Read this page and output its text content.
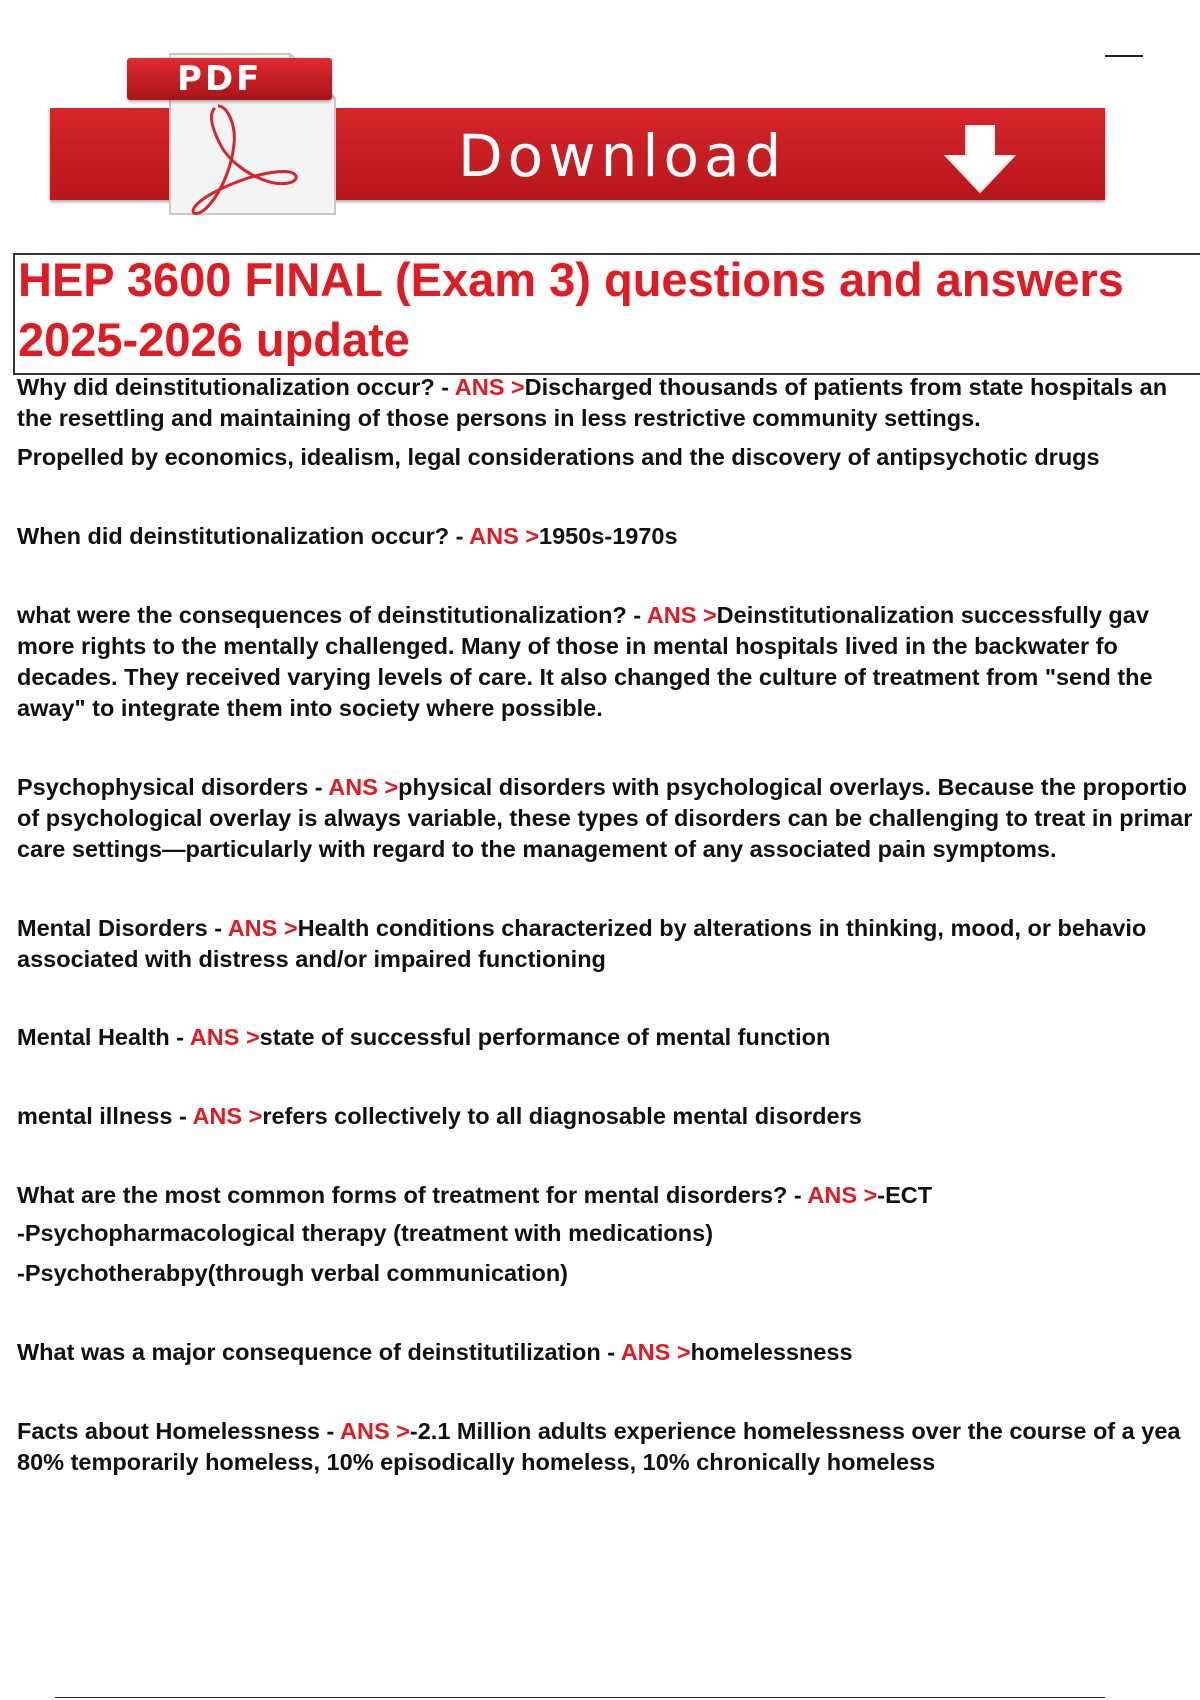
Download
PDF
HEP 3600 FINAL (Exam 3) questions and answers 2025-2026 update

Why did deinstitutionalization occur? - ANS >Discharged thousands of patients from state hospitals an

the resettling and maintaining of those persons in less restrictive community settings.

Propelled by economics, idealism, legal considerations and the discovery of antipsychotic drugs

When did deinstitutionalization occur? - ANS >1950s-1970s

what were the consequences of deinstitutionalization? - ANS >Deinstitutionalization successfully gav

more rights to the mentally challenged. Many of those in mental hospitals lived in the backwater fo

decades. They received varying levels of care. It also changed the culture of treatment from "send the

away" to integrate them into society where possible.

Psychophysical disorders - ANS >physical disorders with psychological overlays. Because the proportio

of psychological overlay is always variable, these types of disorders can be challenging to treat in primar

care settings—particularly with regard to the management of any associated pain symptoms.

Mental Disorders - ANS >Health conditions characterized by alterations in thinking, mood, or behavio

associated with distress and/or impaired functioning

Mental Health - ANS >state of successful performance of mental function

mental illness - ANS >refers collectively to all diagnosable mental disorders

What are the most common forms of treatment for mental disorders? - ANS >-ECT

-Psychopharmacological therapy (treatment with medications)

-Psychotherabpy(through verbal communication)

What was a major consequence of deinstitutilization - ANS >homelessness

Facts about Homelessness - ANS >-2.1 Million adults experience homelessness over the course of a yea

80% temporarily homeless, 10% episodically homeless, 10% chronically homeless
